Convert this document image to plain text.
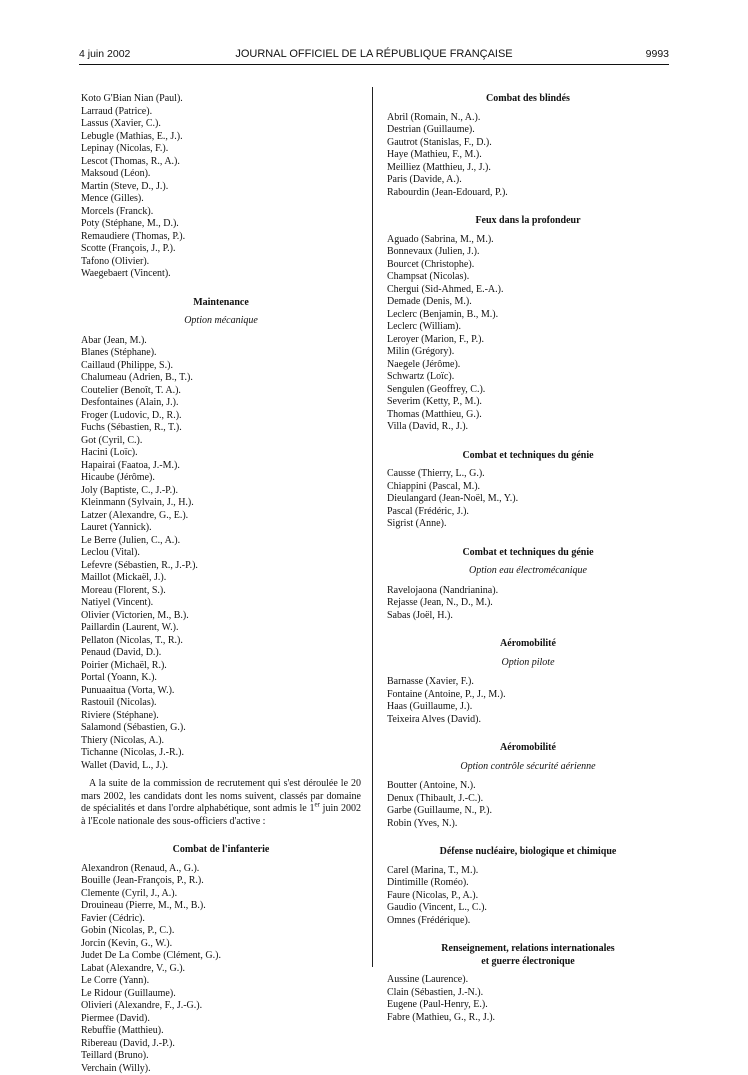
4 juin 2002	JOURNAL OFFICIEL DE LA RÉPUBLIQUE FRANÇAISE	9993

Koto G'Bian Nian (Paul).

Larraud (Patrice).

Lassus (Xavier, C.).

Lebugle (Mathias, E., J.).

Lepinay (Nicolas, F.).

Lescot (Thomas, R., A.).

Maksoud (Léon).

Martin (Steve, D., J.).

Mence (Gilles).

Morcels (Franck).

Poty (Stéphane, M., D.).

Remaudiere (Thomas, P.).

Scotte (François, J., P.).

Tafono (Olivier).

Waegebaert (Vincent).

Maintenance

Option mécanique

Abar (Jean, M.).

Blanes (Stéphane).

Caillaud (Philippe, S.).

Chalumeau (Adrien, B., T.).

Coutelier (Benoît, T. A.).

Desfontaines (Alain, J.).

Froger (Ludovic, D., R.).

Fuchs (Sébastien, R., T.).

Got (Cyril, C.).

Hacini (Loïc).

Hapairai (Faatoa, J.-M.).

Hicaube (Jérôme).

Joly (Baptiste, C., J.-P.).

Kleinmann (Sylvain, J., H.).

Latzer (Alexandre, G., E.).

Lauret (Yannick).

Le Berre (Julien, C., A.).

Leclou (Vital).

Lefevre (Sébastien, R., J.-P.).

Maillot (Mickaël, J.).

Moreau (Florent, S.).

Natiyel (Vincent).

Olivier (Victorien, M., B.).

Paillardin (Laurent, W.).

Pellaton (Nicolas, T., R.).

Penaud (David, D.).

Poirier (Michaël, R.).

Portal (Yoann, K.).

Punuaaitua (Vorta, W.).

Rastouil (Nicolas).

Riviere (Stéphane).

Salamond (Sébastien, G.).

Thiery (Nicolas, A.).

Tichanne (Nicolas, J.-R.).

Wallet (David, L., J.).

A la suite de la commission de recrutement qui s'est déroulée le 20 mars 2002, les candidats dont les noms suivent, classés par domaine de spécialités et dans l'ordre alphabétique, sont admis le 1er juin 2002 à l'Ecole nationale des sous-officiers d'active :

Combat de l'infanterie

Alexandron (Renaud, A., G.).

Bouille (Jean-François, P., R.).

Clemente (Cyril, J., A.).

Drouineau (Pierre, M., M., B.).

Favier (Cédric).

Gobin (Nicolas, P., C.).

Jorcin (Kevin, G., W.).

Judet De La Combe (Clément, G.).

Labat (Alexandre, V., G.).

Le Corre (Yann).

Le Ridour (Guillaume).

Olivieri (Alexandre, F., J.-G.).

Piermee (David).

Rebuffie (Matthieu).

Ribereau (David, J.-P.).

Teillard (Bruno).

Verchain (Willy).

Combat des blindés

Abril (Romain, N., A.).

Destrian (Guillaume).

Gautrot (Stanislas, F., D.).

Haye (Mathieu, F., M.).

Meilliez (Matthieu, J., J.).

Paris (Davide, A.).

Rabourdin (Jean-Edouard, P.).

Feux dans la profondeur

Aguado (Sabrina, M., M.).

Bonnevaux (Julien, J.).

Bourcet (Christophe).

Champsat (Nicolas).

Chergui (Sid-Ahmed, E.-A.).

Demade (Denis, M.).

Leclerc (Benjamin, B., M.).

Leclerc (William).

Leroyer (Marion, F., P.).

Milin (Grégory).

Naegele (Jérôme).

Schwartz (Loïc).

Sengulen (Geoffrey, C.).

Severim (Ketty, P., M.).

Thomas (Matthieu, G.).

Villa (David, R., J.).

Combat et techniques du génie

Causse (Thierry, L., G.).

Chiappini (Pascal, M.).

Dieulangard (Jean-Noël, M., Y.).

Pascal (Frédéric, J.).

Sigrist (Anne).

Combat et techniques du génie

Option eau électromécanique

Ravelojaona (Nandrianina).

Rejasse (Jean, N., D., M.).

Sabas (Joël, H.).

Aéromobilité

Option pilote

Barnasse (Xavier, F.).

Fontaine (Antoine, P., J., M.).

Haas (Guillaume, J.).

Teixeira Alves (David).

Aéromobilité

Option contrôle sécurité aérienne

Boutter (Antoine, N.).

Denux (Thibault, J.-C.).

Garbe (Guillaume, N., P.).

Robin (Yves, N.).

Défense nucléaire, biologique et chimique

Carel (Marina, T., M.).

Dintimille (Roméo).

Faure (Nicolas, P., A.).

Gaudio (Vincent, L., C.).

Omnes (Frédérique).

Renseignement, relations internationales
et guerre électronique

Aussine (Laurence).

Clain (Sébastien, J.-N.).

Eugene (Paul-Henry, E.).

Fabre (Mathieu, G., R., J.).
